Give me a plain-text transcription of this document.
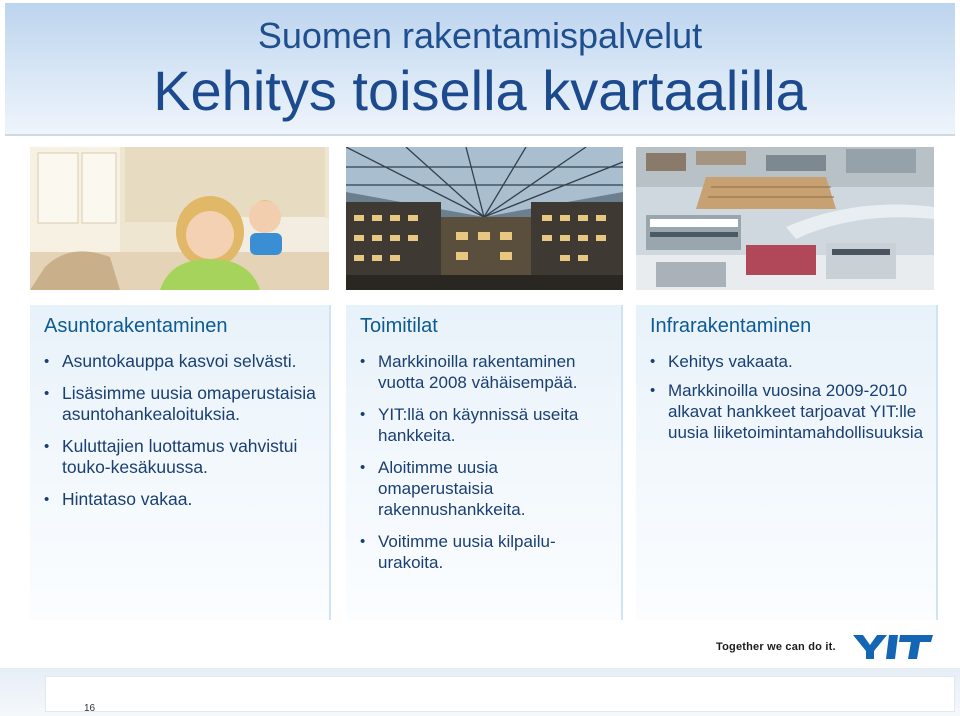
Suomen rakentamispalvelut
Kehitys toisella kvartaalilla
Asuntorakentaminen
• Asuntokauppa kasvoi selvästi.
• Lisäsimme uusia omaperustaisia asuntohankealoituksia.
• Kuluttajien luottamus vahvistui touko-kesäkuussa.
• Hintataso vakaa.
Toimitilat
• Markkinoilla rakentaminen vuotta 2008 vähäisempää.
• YIT:llä on käynnissä useita hankkeita.
• Aloitimme uusia omaperustaisia rakennushankkeita.
• Voitimme uusia kilpailu-urakoita.
Infrarakentaminen
• Kehitys vakaata.
• Markkinoilla vuosina 2009-2010 alkavat hankkeet tarjoavat YIT:lle uusia liiketoimintamahdollisuuksia
Together we can do it.
16
